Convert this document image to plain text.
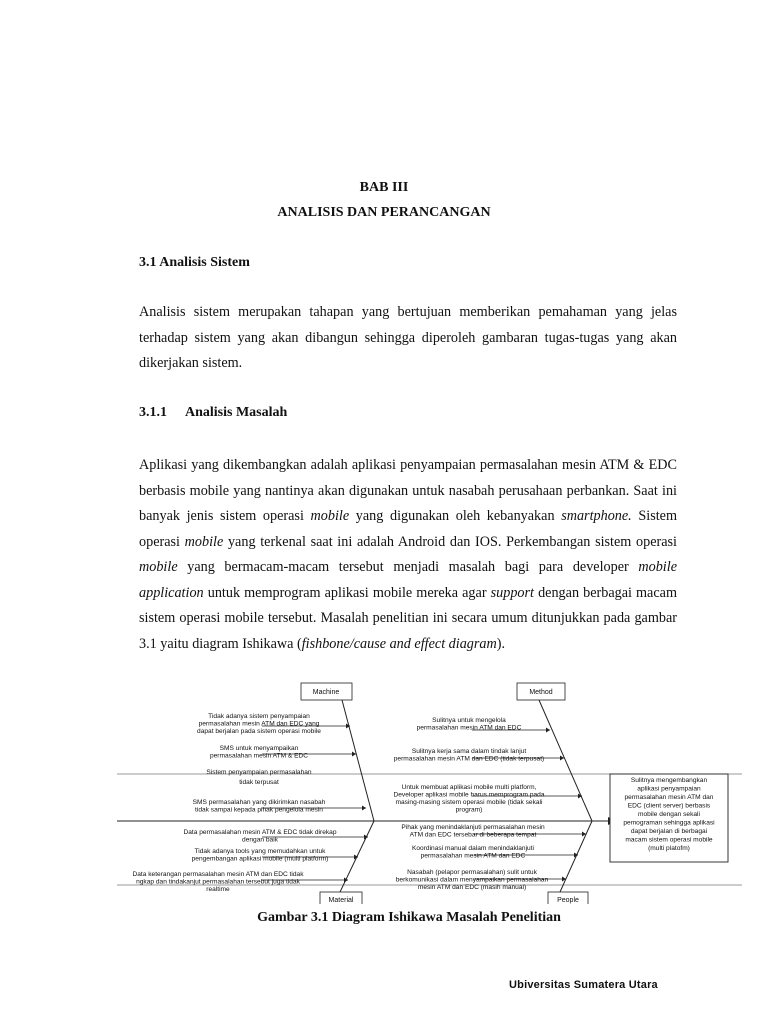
BAB III
ANALISIS DAN PERANCANGAN
3.1 Analisis Sistem

Analisis sistem merupakan tahapan yang bertujuan memberikan pemahaman yang jelas terhadap sistem yang akan dibangun sehingga diperoleh gambaran tugas-tugas yang akan dikerjakan sistem.

3.1.1 Analisis Masalah

Aplikasi yang dikembangkan adalah aplikasi penyampaian permasalahan mesin ATM & EDC berbasis mobile yang nantinya akan digunakan untuk nasabah perusahaan perbankan. Saat ini banyak jenis sistem operasi mobile yang digunakan oleh kebanyakan smartphone. Sistem operasi mobile yang terkenal saat ini adalah Android dan IOS. Perkembangan sistem operasi mobile yang bermacam-macam tersebut menjadi masalah bagi para developer mobile application untuk memprogram aplikasi mobile mereka agar support dengan berbagai macam sistem operasi mobile tersebut. Masalah penelitian ini secara umum ditunjukkan pada gambar 3.1 yaitu diagram Ishikawa (fishbone/cause and effect diagram).

Machine	Method
Material	People
Sulitnya mengembangkan aplikasi penyampaian permasalahan mesin ATM dan EDC (client server) berbasis mobile dengan sekali pemograman sehingga aplikasi dapat berjalan di berbagai macam sistem operasi mobile (multi platofm)
Tidak adanya sistem penyampaian permasalahan mesin ATM dan EDC yang dapat berjalan pada sistem operasi mobile
SMS untuk menyampaikan permasalahan mesin ATM & EDC
Sistem penyampaian permasalahan
tidak terpusat
SMS permasalahan yang dikirimkan nasabah tidak sampai kepada pihak pengelola mesin
Sulitnya untuk mengelola permasalahan mesin ATM dan EDC
Sulitnya kerja sama dalam tindak lanjut permasalahan mesin ATM dan EDC (tidak terpusat)
Untuk membuat aplikasi mobile multi platform, Developer aplikasi mobile harus memprogram pada masing-masing sistem operasi mobile (tidak sekali program)
Data permasalahan mesin ATM & EDC tidak direkap dengan baik
Tidak adanya tools yang memudahkan untuk pengembangan aplikasi mobile (multi platform)
Data keterangan permasalahan mesin ATM dan EDC tidak ngkap dan tindakanjut permasalahan tersebut juga tidak realtime
Pihak yang menindaklanjuti permasalahan mesin ATM dan EDC tersebar di beberapa tempat
Koordinasi manual dalam menindaklanjuti permasalahan mesin ATM dan EDC
Nasabah (pelapor permasalahan) sulit untuk berkomunikasi dalam menyampaikan permasalahan mesin ATM dan EDC (masih manual)
Gambar 3.1 Diagram Ishikawa Masalah Penelitian
Ubiversitas Sumatera Utara
